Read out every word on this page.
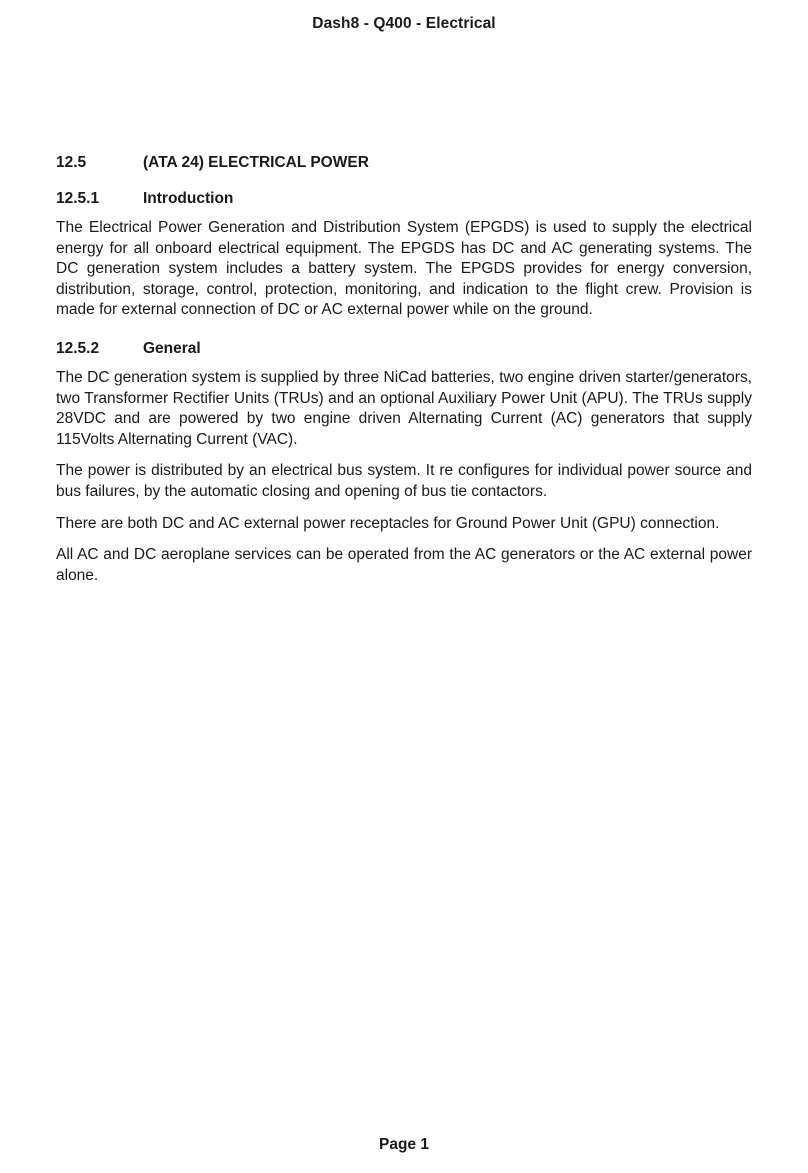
Dash8 - Q400 - Electrical
12.5	(ATA 24) ELECTRICAL POWER
12.5.1	Introduction

The Electrical Power Generation and Distribution System (EPGDS) is used to supply the electrical energy for all onboard electrical equipment. The EPGDS has DC and AC generating systems. The DC generation system includes a battery system. The EPGDS provides for energy conversion, distribution, storage, control, protection, monitoring, and indication to the flight crew. Provision is made for external connection of DC or AC external power while on the ground.

12.5.2	General

The DC generation system is supplied by three NiCad batteries, two engine driven starter/generators, two Transformer Rectifier Units (TRUs) and an optional Auxiliary Power Unit (APU). The TRUs supply 28VDC and are powered by two engine driven Alternating Current (AC) generators that supply 115Volts Alternating Current (VAC).

The power is distributed by an electrical bus system. It re configures for individual power source and bus failures, by the automatic closing and opening of bus tie contactors.

There are both DC and AC external power receptacles for Ground Power Unit (GPU) connection.

All AC and DC aeroplane services can be operated from the AC generators or the AC external power alone.

Page 1
